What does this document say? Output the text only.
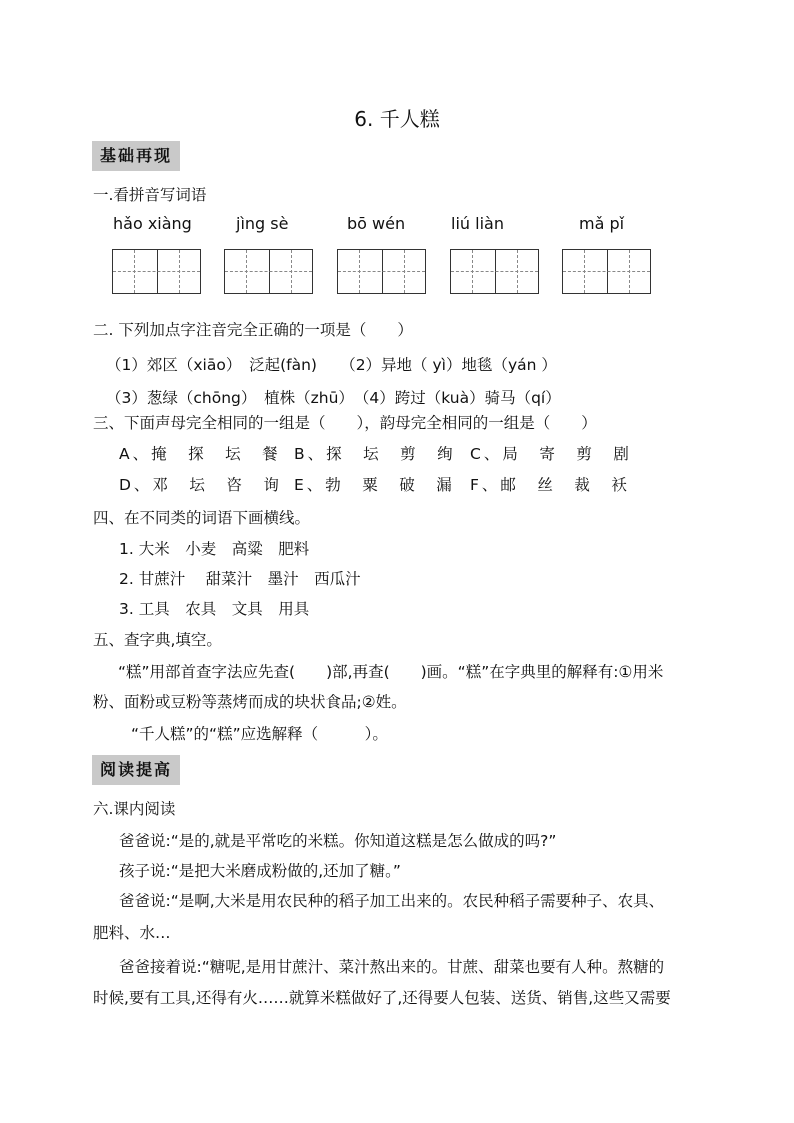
6. 千人糕
基础再现
一.看拼音写词语
hǎo xiàng	jìng sè	bō wén	liú liàn	mǎ pǐ
二. 下列加点字注音完全正确的一项是（　　）
（1）郊区（xiāo）　泛起(fàn)　　（2）异地（ yì）地毯（yán ）
（3）葱绿（chōng）　植株（zhū）　（4）跨过（kuà）骑马（qí）
三、下面声母完全相同的一组是（　　），韵母完全相同的一组是（　　）
A、掩　探　坛　餐 B、探　坛　剪　绚 C、局　寄　剪　剧
D、邓　坛　咨　询 E、勃　粟　破　漏 F、邮　丝　裁　袄
四、在不同类的词语下画横线。
1. 大米　小麦　高粱　肥料
2. 甘蔗汁　 甜菜汁　墨汁　西瓜汁
3. 工具　农具　文具　用具
五、查字典,填空。
“糕”用部首查字法应先查(　　)部,再查(　　)画。“糕”在字典里的解释有:①用米
粉、面粉或豆粉等蒸烤而成的块状食品;②姓。
“千人糕”的“糕”应选解释（　　　）。
阅读提高
六.课内阅读
爸爸说:“是的,就是平常吃的米糕。你知道这糕是怎么做成的吗?”
孩子说:“是把大米磨成粉做的,还加了糖。”
爸爸说:“是啊,大米是用农民种的稻子加工出来的。农民种稻子需要种子、农具、
肥料、水…
爸爸接着说:“糖呢,是用甘蔗汁、菜汁熬出来的。甘蔗、甜菜也要有人种。熬糖的
时候,要有工具,还得有火……就算米糕做好了,还得要人包装、送货、销售,这些又需要
